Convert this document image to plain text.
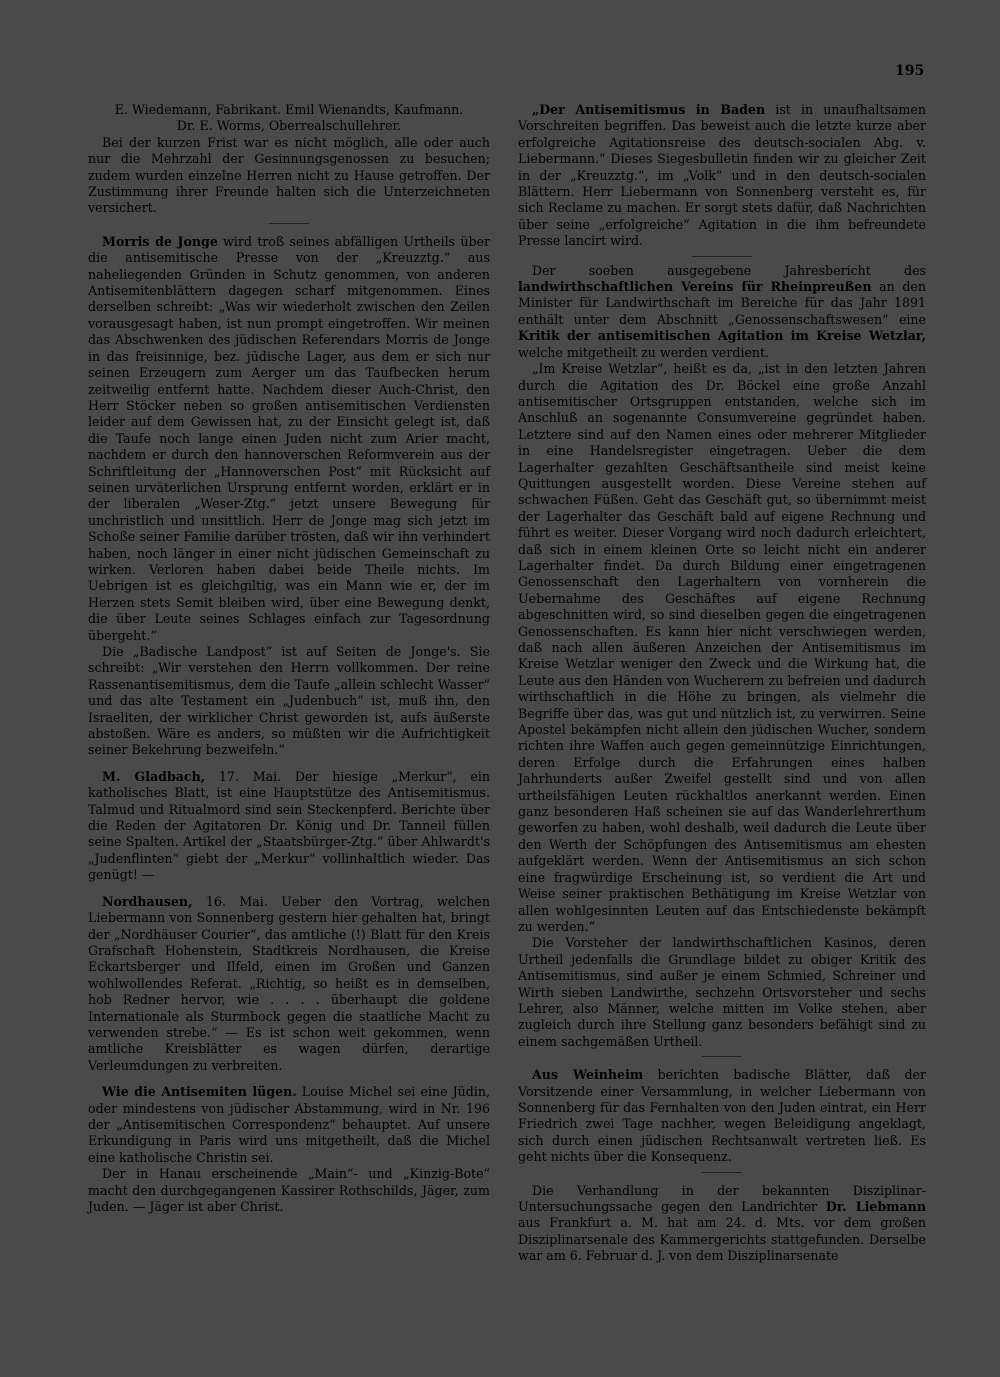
195

E. Wiedemann, Fabrikant. Emil Wienandts, Kaufmann.

Dr. E. Worms, Oberrealschullehrer.

Bei der kurzen Frist war es nicht möglich, alle oder auch nur die Mehrzahl der Gesinnungsgenossen zu besuchen; zudem wurden einzelne Herren nicht zu Hause getroffen. Der Zustimmung ihrer Freunde halten sich die Unterzeichneten versichert.

Morris de Jonge wird troß seines abfälligen Urtheils über die antisemitische Presse von der „Kreuzztg.“ aus naheliegenden Gründen in Schutz genommen, von anderen Antisemitenblättern dagegen scharf mitgenommen. Eines derselben schreibt: „Was wir wiederholt zwischen den Zeilen vorausgesagt haben, ist nun prompt eingetroffen. Wir meinen das Abschwenken des jüdischen Referendars Morris de Jonge in das freisinnige, bez. jüdische Lager, aus dem er sich nur seinen Erzeugern zum Aerger um das Taufbecken herum zeitweilig entfernt hatte. Nachdem dieser Auch-Christ, den Herr Stöcker neben so großen antisemitischen Verdiensten leider auf dem Gewissen hat, zu der Einsicht gelegt ist, daß die Taufe noch lange einen Juden nicht zum Arier macht, nachdem er durch den hannoverschen Reformverein aus der Schriftleitung der „Hannoverschen Post“ mit Rücksicht auf seinen urväterlichen Ursprung entfernt worden, erklärt er in der liberalen „Weser-Ztg.“ jetzt unsere Bewegung für unchristlich und unsittlich. Herr de Jonge mag sich jetzt im Schoße seiner Familie darüber trösten, daß wir ihn verhindert haben, noch länger in einer nicht jüdischen Gemeinschaft zu wirken. Verloren haben dabei beide Theile nichts. Im Uebrigen ist es gleichgiltig, was ein Mann wie er, der im Herzen stets Semit bleiben wird, über eine Bewegung denkt, die über Leute seines Schlages einfach zur Tagesordnung übergeht.“

Die „Badische Landpost“ ist auf Seiten de Jonge's. Sie schreibt: „Wir verstehen den Herrn vollkommen. Der reine Rassenantisemitismus, dem die Taufe „allein schlecht Wasser“ und das alte Testament ein „Judenbuch“ ist, muß ihn, den Israeliten, der wirklicher Christ geworden ist, aufs äußerste abstoßen. Wäre es anders, so müßten wir die Aufrichtigkeit seiner Bekehrung bezweifeln.“

M. Gladbach, 17. Mai. Der hiesige „Merkur“, ein katholisches Blatt, ist eine Hauptstütze des Antisemitismus. Talmud und Ritualmord sind sein Steckenpferd. Berichte über die Reden der Agitatoren Dr. König und Dr. Tanneil füllen seine Spalten. Artikel der „Staatsbürger-Ztg.“ über Ahlwardt's „Judenflinten“ giebt der „Merkur“ vollinhaltlich wieder. Das genügt! —

Nordhausen, 16. Mai. Ueber den Vortrag, welchen Liebermann von Sonnenberg gestern hier gehalten hat, bringt der „Nordhäuser Courier“, das amtliche (!) Blatt für den Kreis Grafschaft Hohenstein, Stadtkreis Nordhausen, die Kreise Eckartsberger und Ilfeld, einen im Großen und Ganzen wohlwollendes Referat. „Richtig, so heißt es in demselben, hob Redner hervor, wie . . . . überhaupt die goldene Internationale als Sturmbock gegen die staatliche Macht zu verwenden strebe.“ — Es ist schon weit gekommen, wenn amtliche Kreisblätter es wagen dürfen, derartige Verleumdungen zu verbreiten.

Wie die Antisemiten lügen. Louise Michel sei eine Jüdin, oder mindestens von jüdischer Abstammung, wird in Nr. 196 der „Antisemitischen Correspondenz“ behauptet. Auf unsere Erkundigung in Paris wird uns mitgetheilt, daß die Michel eine katholische Christin sei.

Der in Hanau erscheinende „Main“- und „Kinzig-Bote“ macht den durchgegangenen Kassirer Rothschilds, Jäger, zum Juden. — Jäger ist aber Christ.

„Der Antisemitismus in Baden ist in unaufhaltsamen Vorschreiten begriffen. Das beweist auch die letzte kurze aber erfolgreiche Agitationsreise des deutsch-socialen Abg. v. Liebermann.“ Dieses Siegesbulletin finden wir zu gleicher Zeit in der „Kreuzztg.“, im „Volk“ und in den deutsch-socialen Blättern. Herr Liebermann von Sonnenberg versteht es, für sich Reclame zu machen. Er sorgt stets dafür, daß Nachrichten über seine „erfolgreiche“ Agitation in die ihm befreundete Presse lancirt wird.

Der soeben ausgegebene Jahresbericht des landwirthschaftlichen Vereins für Rheinpreußen an den Minister für Landwirthschaft im Bereiche für das Jahr 1891 enthält unter dem Abschnitt „Genossenschaftswesen“ eine Kritik der antisemitischen Agitation im Kreise Wetzlar, welche mitgetheilt zu werden verdient.

„Im Kreise Wetzlar“, heißt es da, „ist in den letzten Jahren durch die Agitation des Dr. Böckel eine große Anzahl antisemitischer Ortsgruppen entstanden, welche sich im Anschluß an sogenannte Consumvereine gegründet haben. Letztere sind auf den Namen eines oder mehrerer Mitglieder in eine Handelsregister eingetragen. Ueber die dem Lagerhalter gezahlten Geschäftsantheile sind meist keine Quittungen ausgestellt worden. Diese Vereine stehen auf schwachen Füßen. Geht das Geschäft gut, so übernimmt meist der Lagerhalter das Geschäft bald auf eigene Rechnung und führt es weiter. Dieser Vorgang wird noch dadurch erleichtert, daß sich in einem kleinen Orte so leicht nicht ein anderer Lagerhalter findet. Da durch Bildung einer eingetragenen Genossenschaft den Lagerhaltern von vornherein die Uebernahme des Geschäftes auf eigene Rechnung abgeschnitten wird, so sind dieselben gegen die eingetragenen Genossenschaften. Es kann hier nicht verschwiegen werden, daß nach allen äußeren Anzeichen der Antisemitismus im Kreise Wetzlar weniger den Zweck und die Wirkung hat, die Leute aus den Händen von Wucherern zu befreien und dadurch wirthschaftlich in die Höhe zu bringen, als vielmehr die Begriffe über das, was gut und nützlich ist, zu verwirren. Seine Apostel bekämpfen nicht allein den jüdischen Wucher, sondern richten ihre Waffen auch gegen gemeinnützige Einrichtungen, deren Erfolge durch die Erfahrungen eines halben Jahrhunderts außer Zweifel gestellt sind und von allen urtheilsfähigen Leuten rückhaltlos anerkannt werden. Einen ganz besonderen Haß scheinen sie auf das Wanderlehrerthum geworfen zu haben, wohl deshalb, weil dadurch die Leute über den Werth der Schöpfungen des Antisemitismus am ehesten aufgeklärt werden. Wenn der Antisemitismus an sich schon eine fragwürdige Erscheinung ist, so verdient die Art und Weise seiner praktischen Bethätigung im Kreise Wetzlar von allen wohlgesinnten Leuten auf das Entschiedenste bekämpft zu werden.“

Die Vorsteher der landwirthschaftlichen Kasinos, deren Urtheil jedenfalls die Grundlage bildet zu obiger Kritik des Antisemitismus, sind außer je einem Schmied, Schreiner und Wirth sieben Landwirthe, sechzehn Ortsvorsteher und sechs Lehrer, also Männer, welche mitten im Volke stehen, aber zugleich durch ihre Stellung ganz besonders befähigt sind zu einem sachgemäßen Urtheil.

Aus Weinheim berichten badische Blätter, daß der Vorsitzende einer Versammlung, in welcher Liebermann von Sonnenberg für das Fernhalten von den Juden eintrat, ein Herr Friedrich zwei Tage nachher, wegen Beleidigung angeklagt, sich durch einen jüdischen Rechtsanwalt vertreten ließ. Es geht nichts über die Konsequenz.

Die Verhandlung in der bekannten Disziplinar-Untersuchungssache gegen den Landrichter Dr. Liebmann aus Frankfurt a. M. hat am 24. d. Mts. vor dem großen Disziplinarsenale des Kammergerichts stattgefunden. Derselbe war am 6. Februar d. J. von dem Disziplinarsenate
